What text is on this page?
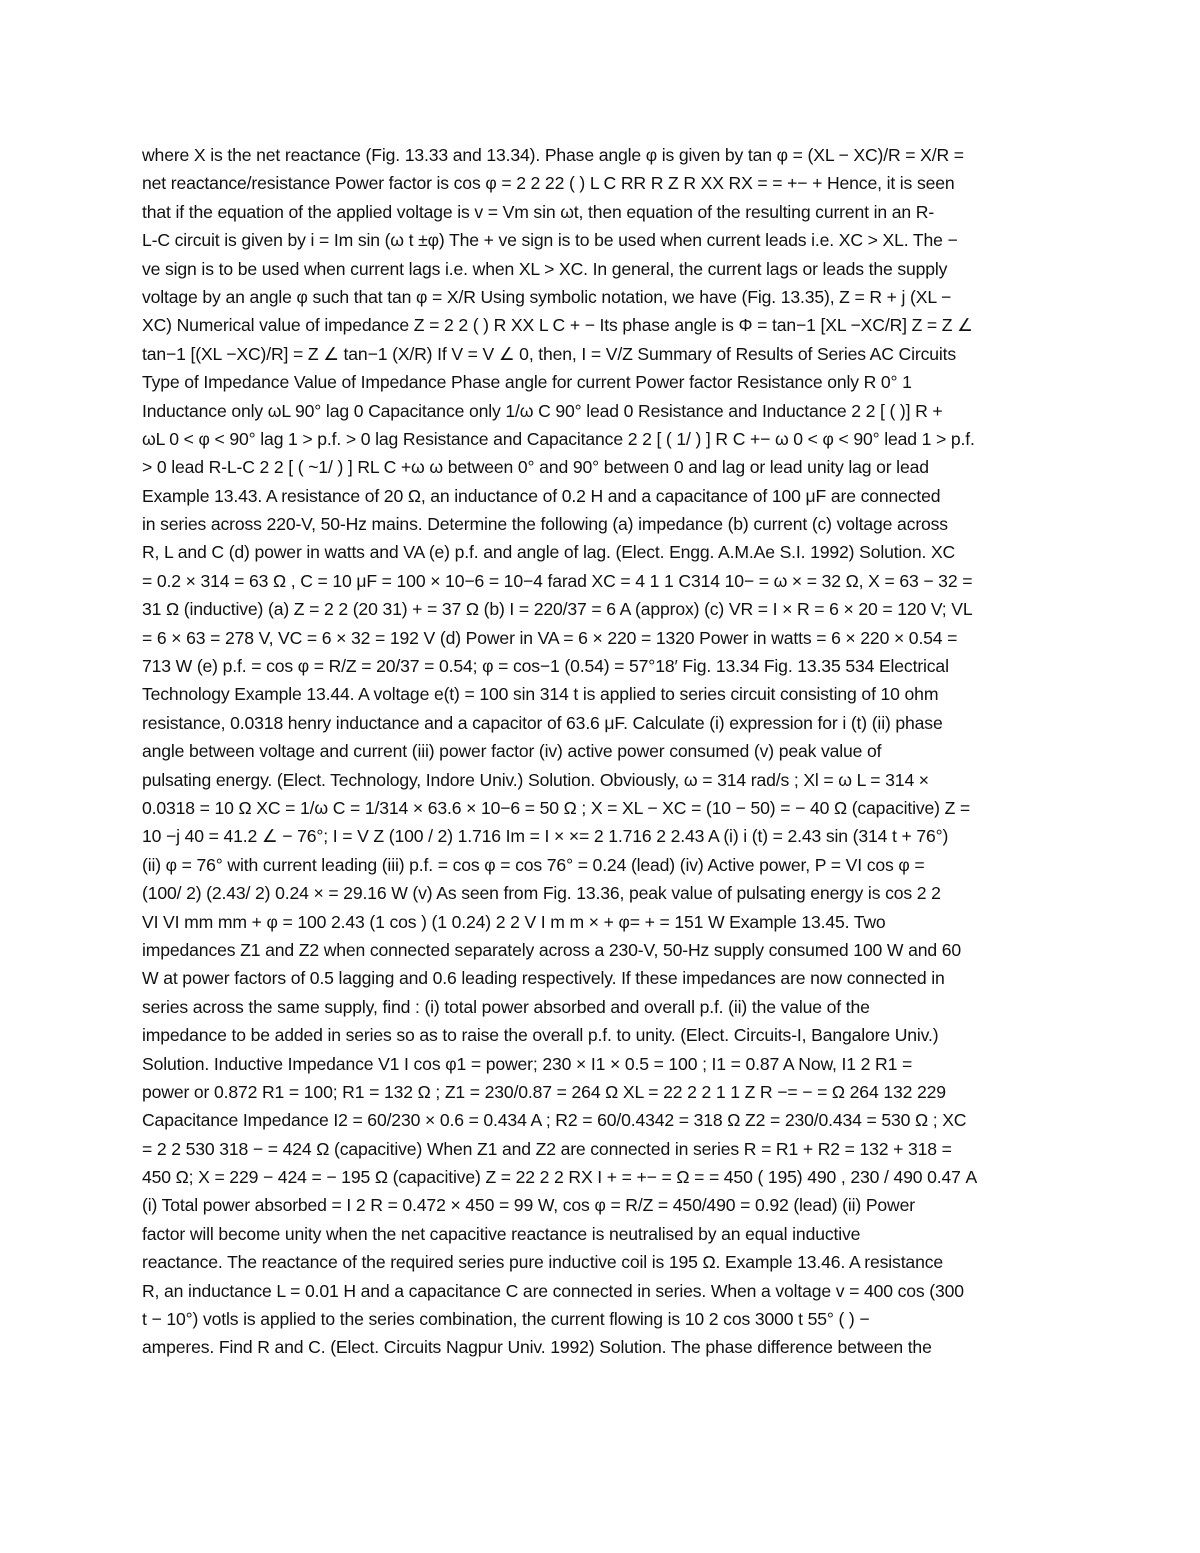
where X is the net reactance (Fig. 13.33 and 13.34). Phase angle φ is given by tan φ = (XL − XC)/R = X/R =
net reactance/resistance Power factor is cos φ = 2 2 22 ( ) L C RR R Z R XX RX = = +− + Hence, it is seen
that if the equation of the applied voltage is v = Vm sin ωt, then equation of the resulting current in an R-
L-C circuit is given by i = Im sin (ω t ±φ) The + ve sign is to be used when current leads i.e. XC > XL. The −
ve sign is to be used when current lags i.e. when XL > XC. In general, the current lags or leads the supply
voltage by an angle φ such that tan φ = X/R Using symbolic notation, we have (Fig. 13.35), Z = R + j (XL −
XC) Numerical value of impedance Z = 2 2 ( ) R XX L C + − Its phase angle is Φ = tan−1 [XL −XC/R] Z = Z ∠
tan−1 [(XL −XC)/R] = Z ∠ tan−1 (X/R) If V = V ∠ 0, then, I = V/Z Summary of Results of Series AC Circuits
Type of Impedance Value of Impedance Phase angle for current Power factor Resistance only R 0° 1
Inductance only ωL 90° lag 0 Capacitance only 1/ω C 90° lead 0 Resistance and Inductance 2 2 [ ( )] R +
ωL 0 < φ < 90° lag 1 > p.f. > 0 lag Resistance and Capacitance 2 2 [ ( 1/ ) ] R C +− ω 0 < φ < 90° lead 1 > p.f.
> 0 lead R-L-C 2 2 [ ( ~1/ ) ] RL C +ω ω between 0° and 90° between 0 and lag or lead unity lag or lead
Example 13.43. A resistance of 20 Ω, an inductance of 0.2 H and a capacitance of 100 μF are connected
in series across 220-V, 50-Hz mains. Determine the following (a) impedance (b) current (c) voltage across
R, L and C (d) power in watts and VA (e) p.f. and angle of lag. (Elect. Engg. A.M.Ae S.I. 1992) Solution. XC
= 0.2 × 314 = 63 Ω , C = 10 μF = 100 × 10−6 = 10−4 farad XC = 4 1 1 C314 10− = ω × = 32 Ω, X = 63 − 32 =
31 Ω (inductive) (a) Z = 2 2 (20 31) + = 37 Ω (b) I = 220/37 = 6 A (approx) (c) VR = I × R = 6 × 20 = 120 V; VL
= 6 × 63 = 278 V, VC = 6 × 32 = 192 V (d) Power in VA = 6 × 220 = 1320 Power in watts = 6 × 220 × 0.54 =
713 W (e) p.f. = cos φ = R/Z = 20/37 = 0.54; φ = cos−1 (0.54) = 57°18′ Fig. 13.34 Fig. 13.35 534 Electrical
Technology Example 13.44. A voltage e(t) = 100 sin 314 t is applied to series circuit consisting of 10 ohm
resistance, 0.0318 henry inductance and a capacitor of 63.6 μF. Calculate (i) expression for i (t) (ii) phase
angle between voltage and current (iii) power factor (iv) active power consumed (v) peak value of
pulsating energy. (Elect. Technology, Indore Univ.) Solution. Obviously, ω = 314 rad/s ; Xl = ω L = 314 ×
0.0318 = 10 Ω XC = 1/ω C = 1/314 × 63.6 × 10−6 = 50 Ω ; X = XL − XC = (10 − 50) = − 40 Ω (capacitive) Z =
10 −j 40 = 41.2 ∠ − 76°; I = V Z (100 / 2) 1.716 Im = I × ×= 2 1.716 2 2.43 A (i) i (t) = 2.43 sin (314 t + 76°)
(ii) φ = 76° with current leading (iii) p.f. = cos φ = cos 76° = 0.24 (lead) (iv) Active power, P = VI cos φ =
(100/ 2) (2.43/ 2) 0.24 × = 29.16 W (v) As seen from Fig. 13.36, peak value of pulsating energy is cos 2 2
VI VI mm mm + φ = 100 2.43 (1 cos ) (1 0.24) 2 2 V I m m × + φ= + = 151 W Example 13.45. Two
impedances Z1 and Z2 when connected separately across a 230-V, 50-Hz supply consumed 100 W and 60
W at power factors of 0.5 lagging and 0.6 leading respectively. If these impedances are now connected in
series across the same supply, find : (i) total power absorbed and overall p.f. (ii) the value of the
impedance to be added in series so as to raise the overall p.f. to unity. (Elect. Circuits-I, Bangalore Univ.)
Solution. Inductive Impedance V1 I cos φ1 = power; 230 × I1 × 0.5 = 100 ; I1 = 0.87 A Now, I1 2 R1 =
power or 0.872 R1 = 100; R1 = 132 Ω ; Z1 = 230/0.87 = 264 Ω XL = 22 2 2 1 1 Z R −= − = Ω 264 132 229
Capacitance Impedance I2 = 60/230 × 0.6 = 0.434 A ; R2 = 60/0.4342 = 318 Ω Z2 = 230/0.434 = 530 Ω ; XC
= 2 2 530 318 − = 424 Ω (capacitive) When Z1 and Z2 are connected in series R = R1 + R2 = 132 + 318 =
450 Ω; X = 229 − 424 = − 195 Ω (capacitive) Z = 22 2 2 RX I + = +− = Ω = = 450 ( 195) 490 , 230 / 490 0.47 A
(i) Total power absorbed = I 2 R = 0.472 × 450 = 99 W, cos φ = R/Z = 450/490 = 0.92 (lead) (ii) Power
factor will become unity when the net capacitive reactance is neutralised by an equal inductive
reactance. The reactance of the required series pure inductive coil is 195 Ω. Example 13.46. A resistance
R, an inductance L = 0.01 H and a capacitance C are connected in series. When a voltage v = 400 cos (300
t − 10°) votls is applied to the series combination, the current flowing is 10 2 cos 3000 t 55° ( ) −
amperes. Find R and C. (Elect. Circuits Nagpur Univ. 1992) Solution. The phase difference between the
